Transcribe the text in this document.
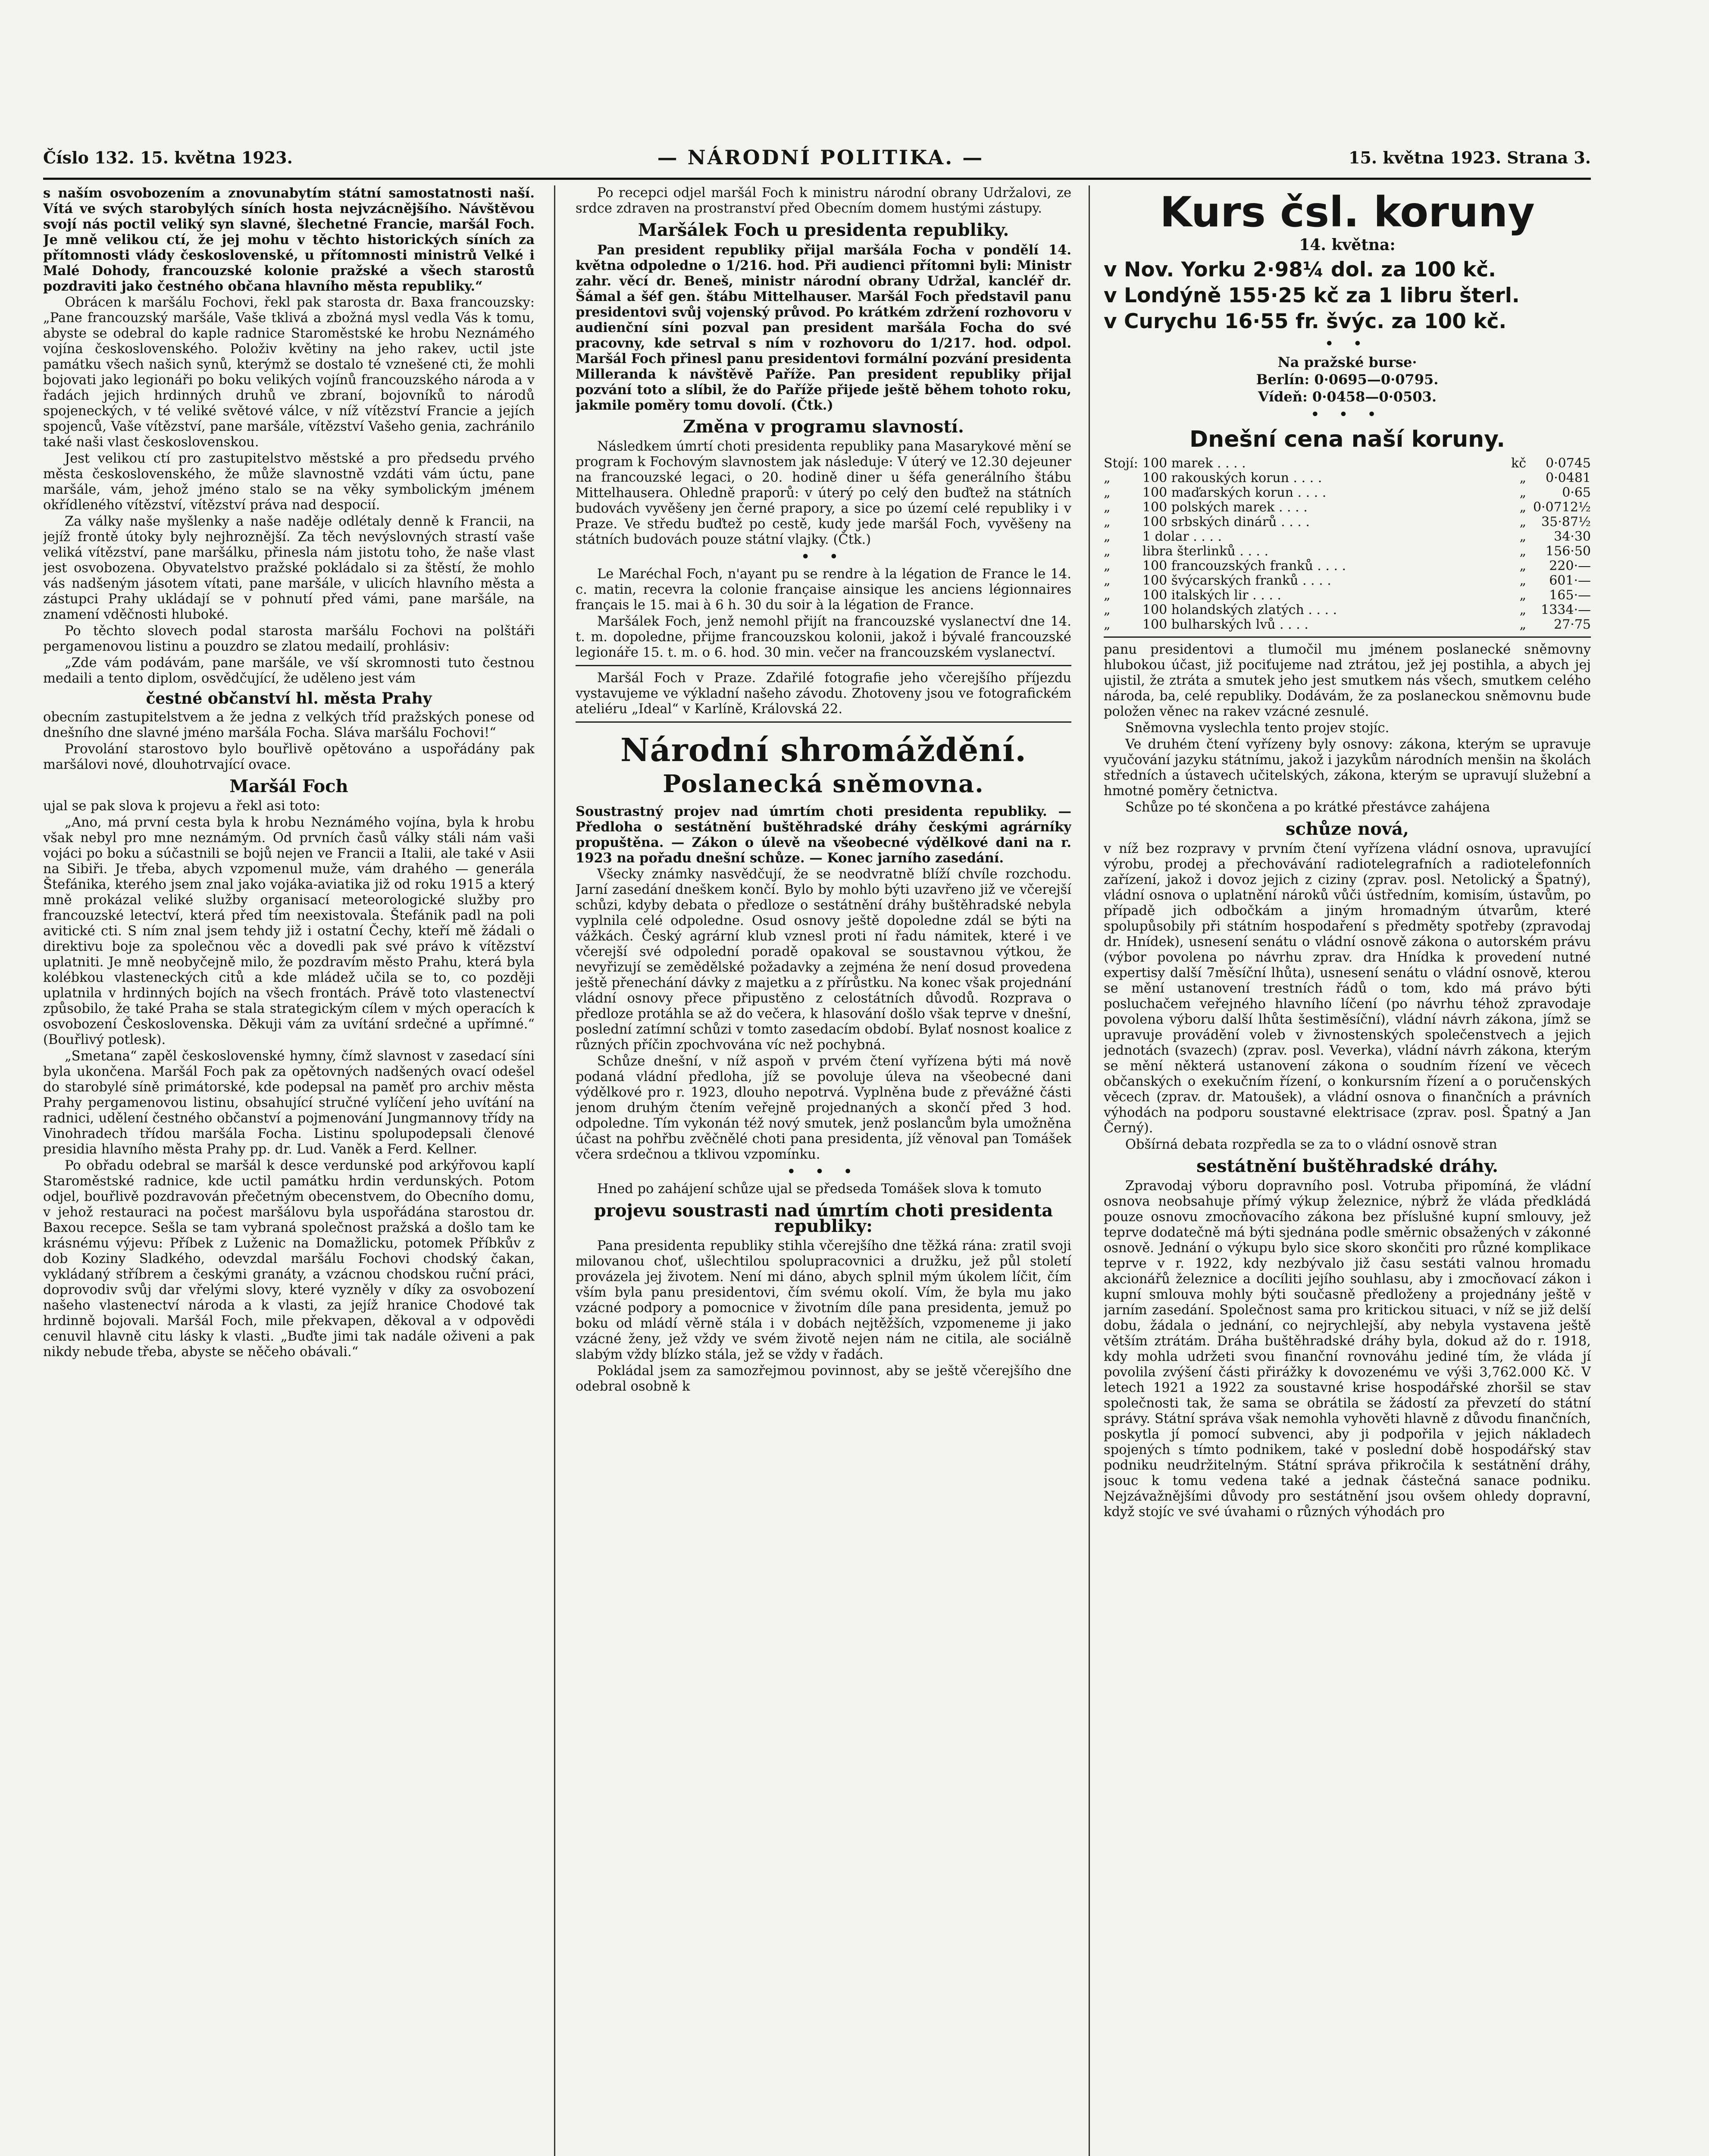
Číslo 132. 15. května 1923.	— NÁRODNÍ POLITIKA. —	15. května 1923. Strana 3.

s naším osvobozením a znovunabytím státní samostatnosti naší. Vítá ve svých starobylých síních hosta nejvzácnějšího. Návštěvou svojí nás poctil veliký syn slavné, šlechetné Francie, maršál Foch. Je mně velikou ctí, že jej mohu v těchto historických síních za přítomnosti vlády československé, u přítomnosti ministrů Velké i Malé Dohody, francouzské kolonie pražské a všech starostů pozdraviti jako čestného občana hlavního města republiky.“

Obrácen k maršálu Fochovi, řekl pak starosta dr. Baxa francouzsky: „Pane francouzský maršále, Vaše tklivá a zbožná mysl vedla Vás k tomu, abyste se odebral do kaple radnice Staroměstské ke hrobu Neznámého vojína československého. Položiv květiny na jeho rakev, uctil jste památku všech našich synů, kterýmž se dostalo té vznešené cti, že mohli bojovati jako legionáři po boku velikých vojínů francouzského národa a v řadách jejich hrdinných druhů ve zbraní, bojovníků to národů spojeneckých, v té veliké světové válce, v níž vítězství Francie a jejích spojenců, Vaše vítězství, pane maršále, vítězství Vašeho genia, zachránilo také naši vlast československou.

Jest velikou ctí pro zastupitelstvo městské a pro předsedu prvého města československého, že může slavnostně vzdáti vám úctu, pane maršále, vám, jehož jméno stalo se na věky symbolickým jménem okřídleného vítězství, vítězství práva nad despocií.

Za války naše myšlenky a naše naděje odlétaly denně k Francii, na jejíž frontě útoky byly nejhroznější. Za těch nevýslovných strastí vaše veliká vítězství, pane maršálku, přinesla nám jistotu toho, že naše vlast jest osvobozena. Obyvatelstvo pražské pokládalo si za štěstí, že mohlo vás nadšeným jásotem vítati, pane maršále, v ulicích hlavního města a zástupci Prahy ukládají se v pohnutí před vámi, pane maršále, na znamení vděčnosti hluboké.

Po těchto slovech podal starosta maršálu Fochovi na polštáři pergamenovou listinu a pouzdro se zlatou medailí, prohlásiv:

„Zde vám podávám, pane maršále, ve vší skromnosti tuto čestnou medaili a tento diplom, osvědčující, že uděleno jest vám

čestné občanství hl. města Prahy

obecním zastupitelstvem a že jedna z velkých tříd pražských ponese od dnešního dne slavné jméno maršála Focha. Sláva maršálu Fochovi!“

Provolání starostovo bylo bouřlivě opětováno a uspořádány pak maršálovi nové, dlouhotrvající ovace.

Maršál Foch

ujal se pak slova k projevu a řekl asi toto:

„Ano, má první cesta byla k hrobu Neznámého vojína, byla k hrobu však nebyl pro mne neznámým. Od prvních časů války stáli nám vaši vojáci po boku a súčastnili se bojů nejen ve Francii a Italii, ale také v Asii na Sibiři. Je třeba, abych vzpomenul muže, vám drahého — generála Štefánika, kterého jsem znal jako vojáka-aviatika již od roku 1915 a který mně prokázal veliké služby organisací meteorologické služby pro francouzské letectví, která před tím neexistovala. Štefánik padl na poli avitické cti. S ním znal jsem tehdy již i ostatní Čechy, kteří mě žádali o direktivu boje za společnou věc a dovedli pak své právo k vítězství uplatniti. Je mně neobyčejně milo, že pozdravím město Prahu, která byla kolébkou vlasteneckých citů a kde mládež učila se to, co později uplatnila v hrdinných bojích na všech frontách. Právě toto vlastenectví způsobilo, že také Praha se stala strategickým cílem v mých operacích k osvobození Československa. Děkuji vám za uvítání srdečné a upřímné.“ (Bouřlivý potlesk).

„Smetana“ zapěl československé hymny, čímž slavnost v zasedací síni byla ukončena. Maršál Foch pak za opětovných nadšených ovací odešel do starobylé síně primátorské, kde podepsal na paměť pro archiv města Prahy pergamenovou listinu, obsahující stručné vylíčení jeho uvítání na radnici, udělení čestného občanství a pojmenování Jungmannovy třídy na Vinohradech třídou maršála Focha. Listinu spolupodepsali členové presidia hlavního města Prahy pp. dr. Lud. Vaněk a Ferd. Kellner.

Po obřadu odebral se maršál k desce verdunské pod arkýřovou kaplí Staroměstské radnice, kde uctil památku hrdin verdunských. Potom odjel, bouřlivě pozdravován přečetným obecenstvem, do Obecního domu, v jehož restauraci na počest maršálovu byla uspořádána starostou dr. Baxou recepce. Sešla se tam vybraná společnost pražská a došlo tam ke krásnému výjevu: Příbek z Luženic na Domažlicku, potomek Příbkův z dob Koziny Sladkého, odevzdal maršálu Fochovi chodský čakan, vykládaný stříbrem a českými granáty, a vzácnou chodskou ruční práci, doprovodiv svůj dar vřelými slovy, které vyzněly v díky za osvobození našeho vlastenectví národa a k vlasti, za jejíž hranice Chodové tak hrdinně bojovali. Maršál Foch, mile překvapen, děkoval a v odpovědi cenuvil hlavně citu lásky k vlasti. „Buďte jimi tak nadále oživeni a pak nikdy nebude třeba, abyste se něčeho obávali.“

Po recepci odjel maršál Foch k ministru národní obrany Udržalovi, ze srdce zdraven na prostranství před Obecním domem hustými zástupy.

Maršálek Foch u presidenta republiky.

Pan president republiky přijal maršála Focha v pondělí 14. května odpoledne o 1/216. hod. Při audienci přítomni byli: Ministr zahr. věcí dr. Beneš, ministr národní obrany Udržal, kancléř dr. Šámal a šéf gen. štábu Mittelhauser. Maršál Foch představil panu presidentovi svůj vojenský průvod. Po krátkém zdržení rozhovoru v audienční síni pozval pan president maršála Focha do své pracovny, kde setrval s ním v rozhovoru do 1/217. hod. odpol. Maršál Foch přinesl panu presidentovi formální pozvání presidenta Millerandа k návštěvě Paříže. Pan president republiky přijal pozvání toto a slíbil, že do Paříže přijede ještě během tohoto roku, jakmile poměry tomu dovolí. (Čtk.)

Změna v programu slavností.

Následkem úmrtí choti presidenta republiky pana Masarykové mění se program k Fochovým slavnostem jak následuje: V úterý ve 12.30 dejeuner na francouzské legaci, o 20. hodině diner u šéfa generálního štábu Mittelhausera. Ohledně praporů: v úterý po celý den buďtež na státních budovách vyvěšeny jen černé prapory, a sice po území celé republiky i v Praze. Ve středu buďtež po cestě, kudy jede maršál Foch, vyvěšeny na státních budovách pouze státní vlajky. (Čtk.)

• •

Le Maréchal Foch, n'ayant pu se rendre à la légation de France le 14. c. matin, recevra la colonie française ainsique les anciens légionnaires français le 15. mai à 6 h. 30 du soir à la légation de France.

Maršálek Foch, jenž nemohl přijít na francouzské vyslanectví dne 14. t. m. dopoledne, přijme francouzskou kolonii, jakož i bývalé francouzské legionáře 15. t. m. o 6. hod. 30 min. večer na francouzském vyslanectví.

Maršál Foch v Praze. Zdařilé fotografie jeho včerejšího příjezdu vystavujeme ve výkladní našeho závodu. Zhotoveny jsou ve fotografickém ateliéru „Ideal“ v Karlíně, Královská 22.

Národní shromáždění.
Poslanecká sněmovna.

Soustrastný projev nad úmrtím choti presidenta republiky. — Předloha o sestátnění buštěhradské dráhy českými agrárníky propuštěna. — Zákon o úlevě na všeobecné výdělkové dani na r. 1923 na pořadu dnešní schůze. — Konec jarního zasedání.

Všecky známky nasvědčují, že se neodvratně blíží chvíle rozchodu. Jarní zasedání dneškem končí. Bylo by mohlo býti uzavřeno již ve včerejší schůzi, kdyby debata o předloze o sestátnění dráhy buštěhradské nebyla vyplnila celé odpoledne. Osud osnovy ještě dopoledne zdál se býti na vážkách. Český agrární klub vznesl proti ní řadu námitek, které i ve včerejší své odpolední poradě opakoval se soustavnou výtkou, že nevyřizují se zemědělské požadavky a zejména že není dosud provedena ještě přenechání dávky z majetku a z přírůstku. Na konec však projednání vládní osnovy přece připustěno z celostátních důvodů. Rozprava o předloze protáhla se až do večera, k hlasování došlo však teprve v dnešní, poslední zatímní schůzi v tomto zasedacím období. Bylať nosnost koalice z různých příčin zpochvována víc než pochybná.

Schůze dnešní, v níž aspoň v prvém čtení vyřízena býti má nově podaná vládní předloha, jíž se povoluje úleva na všeobecné dani výdělkové pro r. 1923, dlouho nepotrvá. Vyplněna bude z převážné části jenom druhým čtením veřejně projednaných a skončí před 3 hod. odpoledne. Tím vykonán též nový smutek, jenž poslancům byla umožněna účast na pohřbu zvěčnělé choti pana presidenta, jíž věnoval pan Tomášek včera srdečnou a tklivou vzpomínku.

• • •

Hned po zahájení schůze ujal se předseda Tomášek slova k tomuto

projevu soustrasti nad úmrtím choti presidenta republiky:

Pana presidenta republiky stihla včerejšího dne těžká rána: zratil svoji milovanou choť, ušlechtilou spolupracovnici a družku, jež půl století provázela jej životem. Není mi dáno, abych splnil mým úkolem líčit, čím vším byla panu presidentovi, čím svému okolí. Vím, že byla mu jako vzácné podpory a pomocnice v životním díle pana presidenta, jemuž po boku od mládí věrně stála i v dobách nejtěžších, vzpomeneme ji jako vzácné ženy, jež vždy ve svém životě nejen nám ne citila, ale sociálně slabým vždy blízko stála, jež se vždy v řadách.

Pokládal jsem za samozřejmou povinnost, aby se ještě včerejšího dne odebral osobně k

Kurs čsl. koruny
14. května:
v Nov. Yorku 2·98¼ dol. za 100 kč.
v Londýně 155·25 kč za 1 libru šterl.
v Curychu 16·55 fr. švýc. za 100 kč.
• •
Na pražské burse·
Berlín: 0·0695—0·0795.
Vídeň: 0·0458—0·0503.
• • •
Dnešní cena naší koruny.
Stojí:	100 marek . . . .	kč	0·0745
„	100 rakouských korun . . . .	„	0·0481
„	100 maďarských korun . . . .	„	0·65
„	100 polských marek . . . .	„	0·0712½
„	100 srbských dinárů . . . .	„	35·87½
„	1 dolar . . . .	„	34·30
„	libra šterlinků . . . .	„	156·50
„	100 francouzských franků . . . .	„	220·—
„	100 švýcarských franků . . . .	„	601·—
„	100 italských lir . . . .	„	165·—
„	100 holandských zlatých . . . .	„	1334·—
„	100 bulharských lvů . . . .	„	27·75

panu presidentovi a tlumočil mu jménem poslanecké sněmovny hlubokou účast, již pociťujeme nad ztrátou, jež jej postihla, a abych jej ujistil, že ztráta a smutek jeho jest smutkem nás všech, smutkem celého národa, ba, celé republiky. Dodávám, že za poslaneckou sněmovnu bude položen věnec na rakev vzácné zesnulé.

Sněmovna vyslechla tento projev stojíc.

Ve druhém čtení vyřízeny byly osnovy: zákona, kterým se upravuje vyučování jazyku státnímu, jakož i jazykům národních menšin na školách středních a ústavech učitelských, zákona, kterým se upravují služební a hmotné poměry četnictva.

Schůze po té skončena a po krátké přestávce zahájena

schůze nová,

v níž bez rozpravy v prvním čtení vyřízena vládní osnova, upravující výrobu, prodej a přechovávání radiotelegrafních a radiotelefonních zařízení, jakož i dovoz jejich z ciziny (zprav. posl. Netolický a Špatný), vládní osnova o uplatnění nároků vůči ústředním, komisím, ústavům, po případě jich odbočkám a jiným hromadným útvarům, které spolupůsobily při státním hospodaření s předměty spotřeby (zpravodaj dr. Hnídek), usnesení senátu o vládní osnově zákona o autorském právu (výbor povolena po návrhu zprav. dra Hnídka k provedení nutné expertisy další 7měsíční lhůta), usnesení senátu o vládní osnově, kterou se mění ustanovení trestních řádů o tom, kdo má právo býti posluchačem veřejného hlavního líčení (po návrhu téhož zpravodaje povolena výboru další lhůta šestiměsíční), vládní návrh zákona, jímž se upravuje provádění voleb v živnostenských společenstvech a jejich jednotách (svazech) (zprav. posl. Veverka), vládní návrh zákona, kterým se mění některá ustanovení zákona o soudním řízení ve věcech občanských o exekučním řízení, o konkursním řízení a o poručenských věcech (zprav. dr. Matoušek), a vládní osnova o finančních a právních výhodách na podporu soustavné elektrisace (zprav. posl. Špatný a Jan Černý).

Obšírná debata rozpředla se za to o vládní osnově stran

sestátnění buštěhradské dráhy.

Zpravodaj výboru dopravního posl. Votruba připomíná, že vládní osnova neobsahuje přímý výkup železnice, nýbrž že vláda předkládá pouze osnovu zmocňovacího zákona bez příslušné kupní smlouvy, jež teprve dodatečně má býti sjednána podle směrnic obsažených v zákonné osnově. Jednání o výkupu bylo sice skoro skončiti pro různé komplikace teprve v r. 1922, kdy nezbývalo již času sestáti valnou hromadu akcionářů železnice a docíliti jejího souhlasu, aby i zmocňovací zákon i kupní smlouva mohly býti současně předloženy a projednány ještě v jarním zasedání. Společnost sama pro kritickou situaci, v níž se již delší dobu, žádala o jednání, co nejrychlejší, aby nebyla vystavena ještě větším ztrátám. Dráha buštěhradské dráhy byla, dokud až do r. 1918, kdy mohla udržeti svou finanční rovnováhu jediné tím, že vláda jí povolila zvýšení části přirážky k dovozenému ve výši 3,762.000 Kč. V letech 1921 a 1922 za soustavné krise hospodářské zhoršil se stav společnosti tak, že sama se obrátila se žádostí za převzetí do státní správy. Státní správa však nemohla vyhověti hlavně z důvodu finančních, poskytla jí pomocí subvenci, aby ji podpořila v jejich nákladech spojených s tímto podnikem, také v poslední době hospodářský stav podniku neudržitelným. Státní správa přikročila k sestátnění dráhy, jsouc k tomu vedena také a jednak částečná sanace podniku. Nejzávažnějšími důvody pro sestátnění jsou ovšem ohledy dopravní, když stojíc ve své úvahami o různých výhodách pro
